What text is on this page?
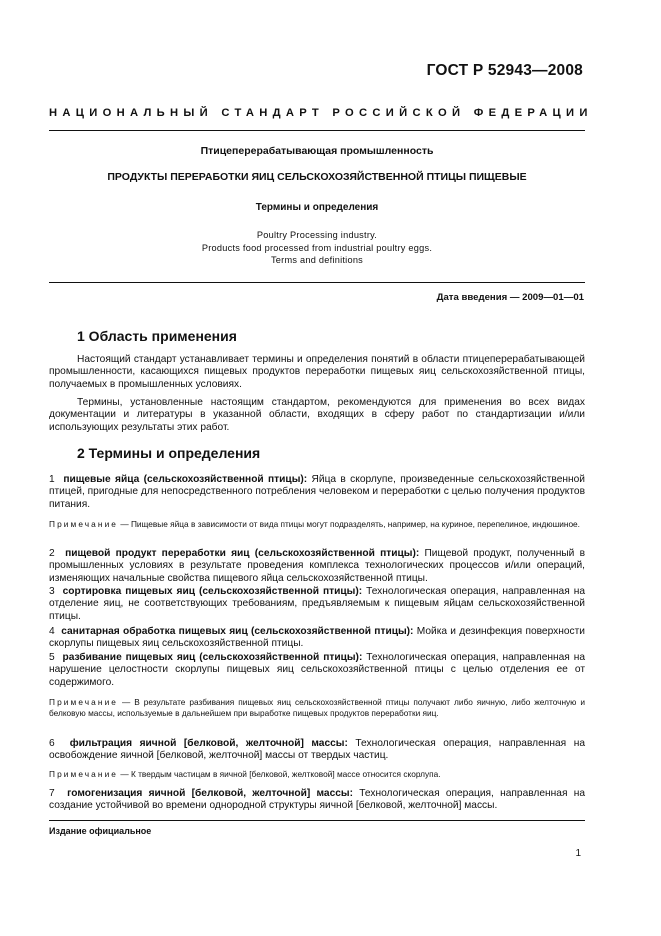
ГОСТ Р 52943—2008
НАЦИОНАЛЬНЫЙ СТАНДАРТ РОССИЙСКОЙ ФЕДЕРАЦИИ
Птицеперерабатывающая промышленность
ПРОДУКТЫ ПЕРЕРАБОТКИ ЯИЦ СЕЛЬСКОХОЗЯЙСТВЕННОЙ ПТИЦЫ ПИЩЕВЫЕ
Термины и определения
Poultry Processing industry.
Products food processed from industrial poultry eggs.
Terms and definitions
Дата введения — 2009—01—01
1 Область применения
Настоящий стандарт устанавливает термины и определения понятий в области птицеперерабатывающей промышленности, касающихся пищевых продуктов переработки пищевых яиц сельскохозяйственной птицы, получаемых в промышленных условиях.
Термины, установленные настоящим стандартом, рекомендуются для применения во всех видах документации и литературы в указанной области, входящих в сферу работ по стандартизации и/или использующих результаты этих работ.
2 Термины и определения
1 пищевые яйца (сельскохозяйственной птицы): Яйца в скорлупе, произведенные сельскохозяйственной птицей, пригодные для непосредственного потребления человеком и переработки с целью получения продуктов питания.
Примечание — Пищевые яйца в зависимости от вида птицы могут подразделять, например, на куриное, перепелиное, индюшиное.
2 пищевой продукт переработки яиц (сельскохозяйственной птицы): Пищевой продукт, полученный в промышленных условиях в результате проведения комплекса технологических процессов и/или операций, изменяющих начальные свойства пищевого яйца сельскохозяйственной птицы.
3 сортировка пищевых яиц (сельскохозяйственной птицы): Технологическая операция, направленная на отделение яиц, не соответствующих требованиям, предъявляемым к пищевым яйцам сельскохозяйственной птицы.
4 санитарная обработка пищевых яиц (сельскохозяйственной птицы): Мойка и дезинфекция поверхности скорлупы пищевых яиц сельскохозяйственной птицы.
5 разбивание пищевых яиц (сельскохозяйственной птицы): Технологическая операция, направленная на нарушение целостности скорлупы пищевых яиц сельскохозяйственной птицы с целью отделения ее от содержимого.
Примечание — В результате разбивания пищевых яиц сельскохозяйственной птицы получают либо яичную, либо желточную и белковую массы, используемые в дальнейшем при выработке пищевых продуктов переработки яиц.
6 фильтрация яичной [белковой, желточной] массы: Технологическая операция, направленная на освобождение яичной [белковой, желточной] массы от твердых частиц.
Примечание — К твердым частицам в яичной [белковой, желтковой] массе относится скорлупа.
7 гомогенизация яичной [белковой, желточной] массы: Технологическая операция, направленная на создание устойчивой во времени однородной структуры яичной [белковой, желточной] массы.
Издание официальное
1
